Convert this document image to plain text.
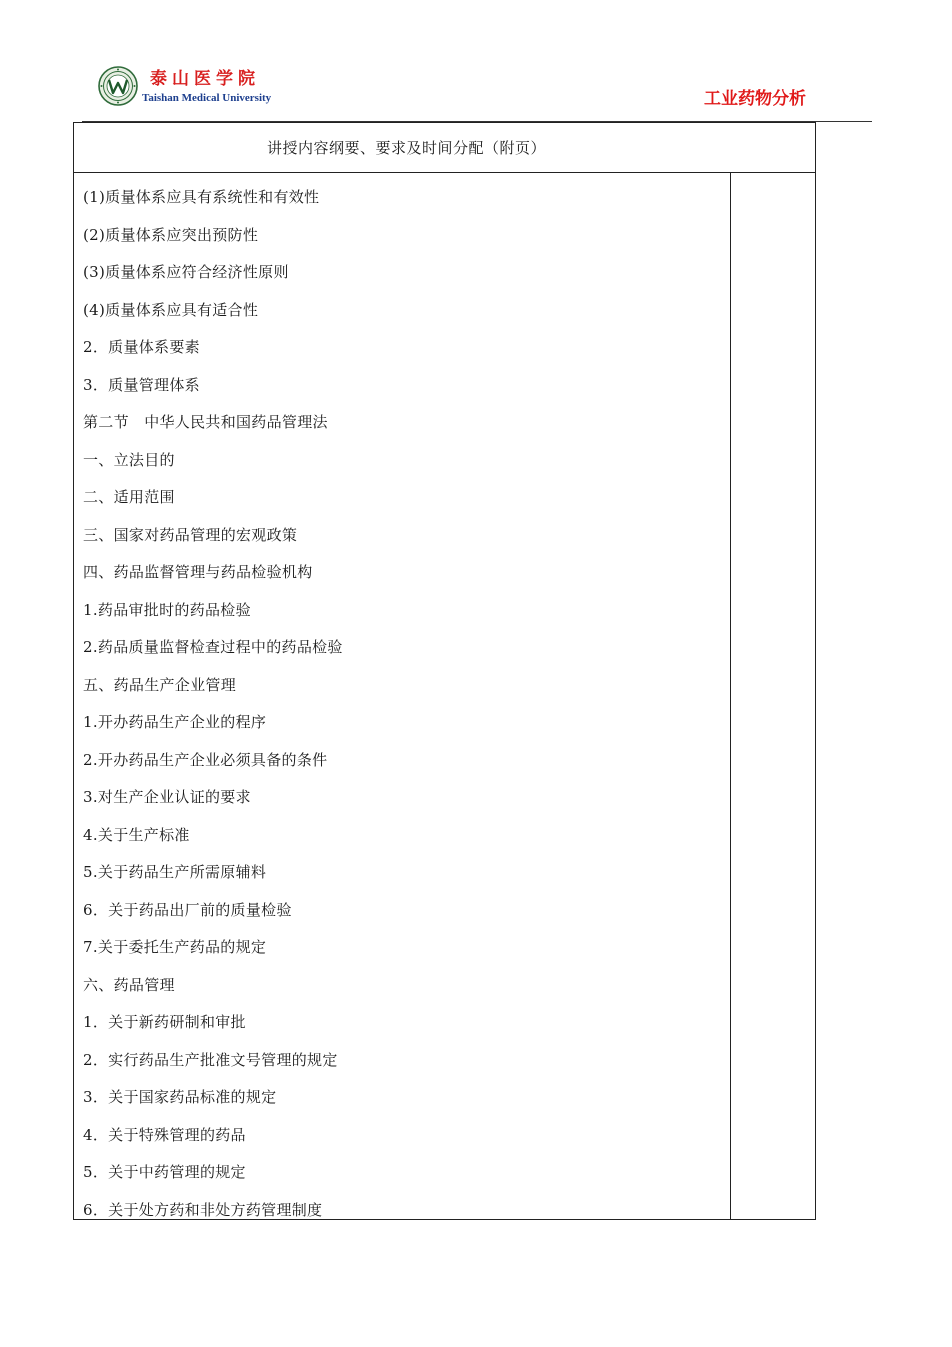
泰山医学院
Taishan Medical University	工业药物分析
讲授内容纲要、要求及时间分配（附页）
(1)质量体系应具有系统性和有效性
(2)质量体系应突出预防性
(3)质量体系应符合经济性原则
(4)质量体系应具有适合性
2．质量体系要素
3．质量管理体系
第二节　中华人民共和国药品管理法
一、立法目的
二、适用范围
三、国家对药品管理的宏观政策
四、药品监督管理与药品检验机构
1.药品审批时的药品检验
2.药品质量监督检查过程中的药品检验
五、药品生产企业管理
1.开办药品生产企业的程序
2.开办药品生产企业必须具备的条件
3.对生产企业认证的要求
4.关于生产标准
5.关于药品生产所需原辅料
6．关于药品出厂前的质量检验
7.关于委托生产药品的规定
六、药品管理
1．关于新药研制和审批
2．实行药品生产批准文号管理的规定
3．关于国家药品标准的规定
4．关于特殊管理的药品
5．关于中药管理的规定
6．关于处方药和非处方药管理制度
